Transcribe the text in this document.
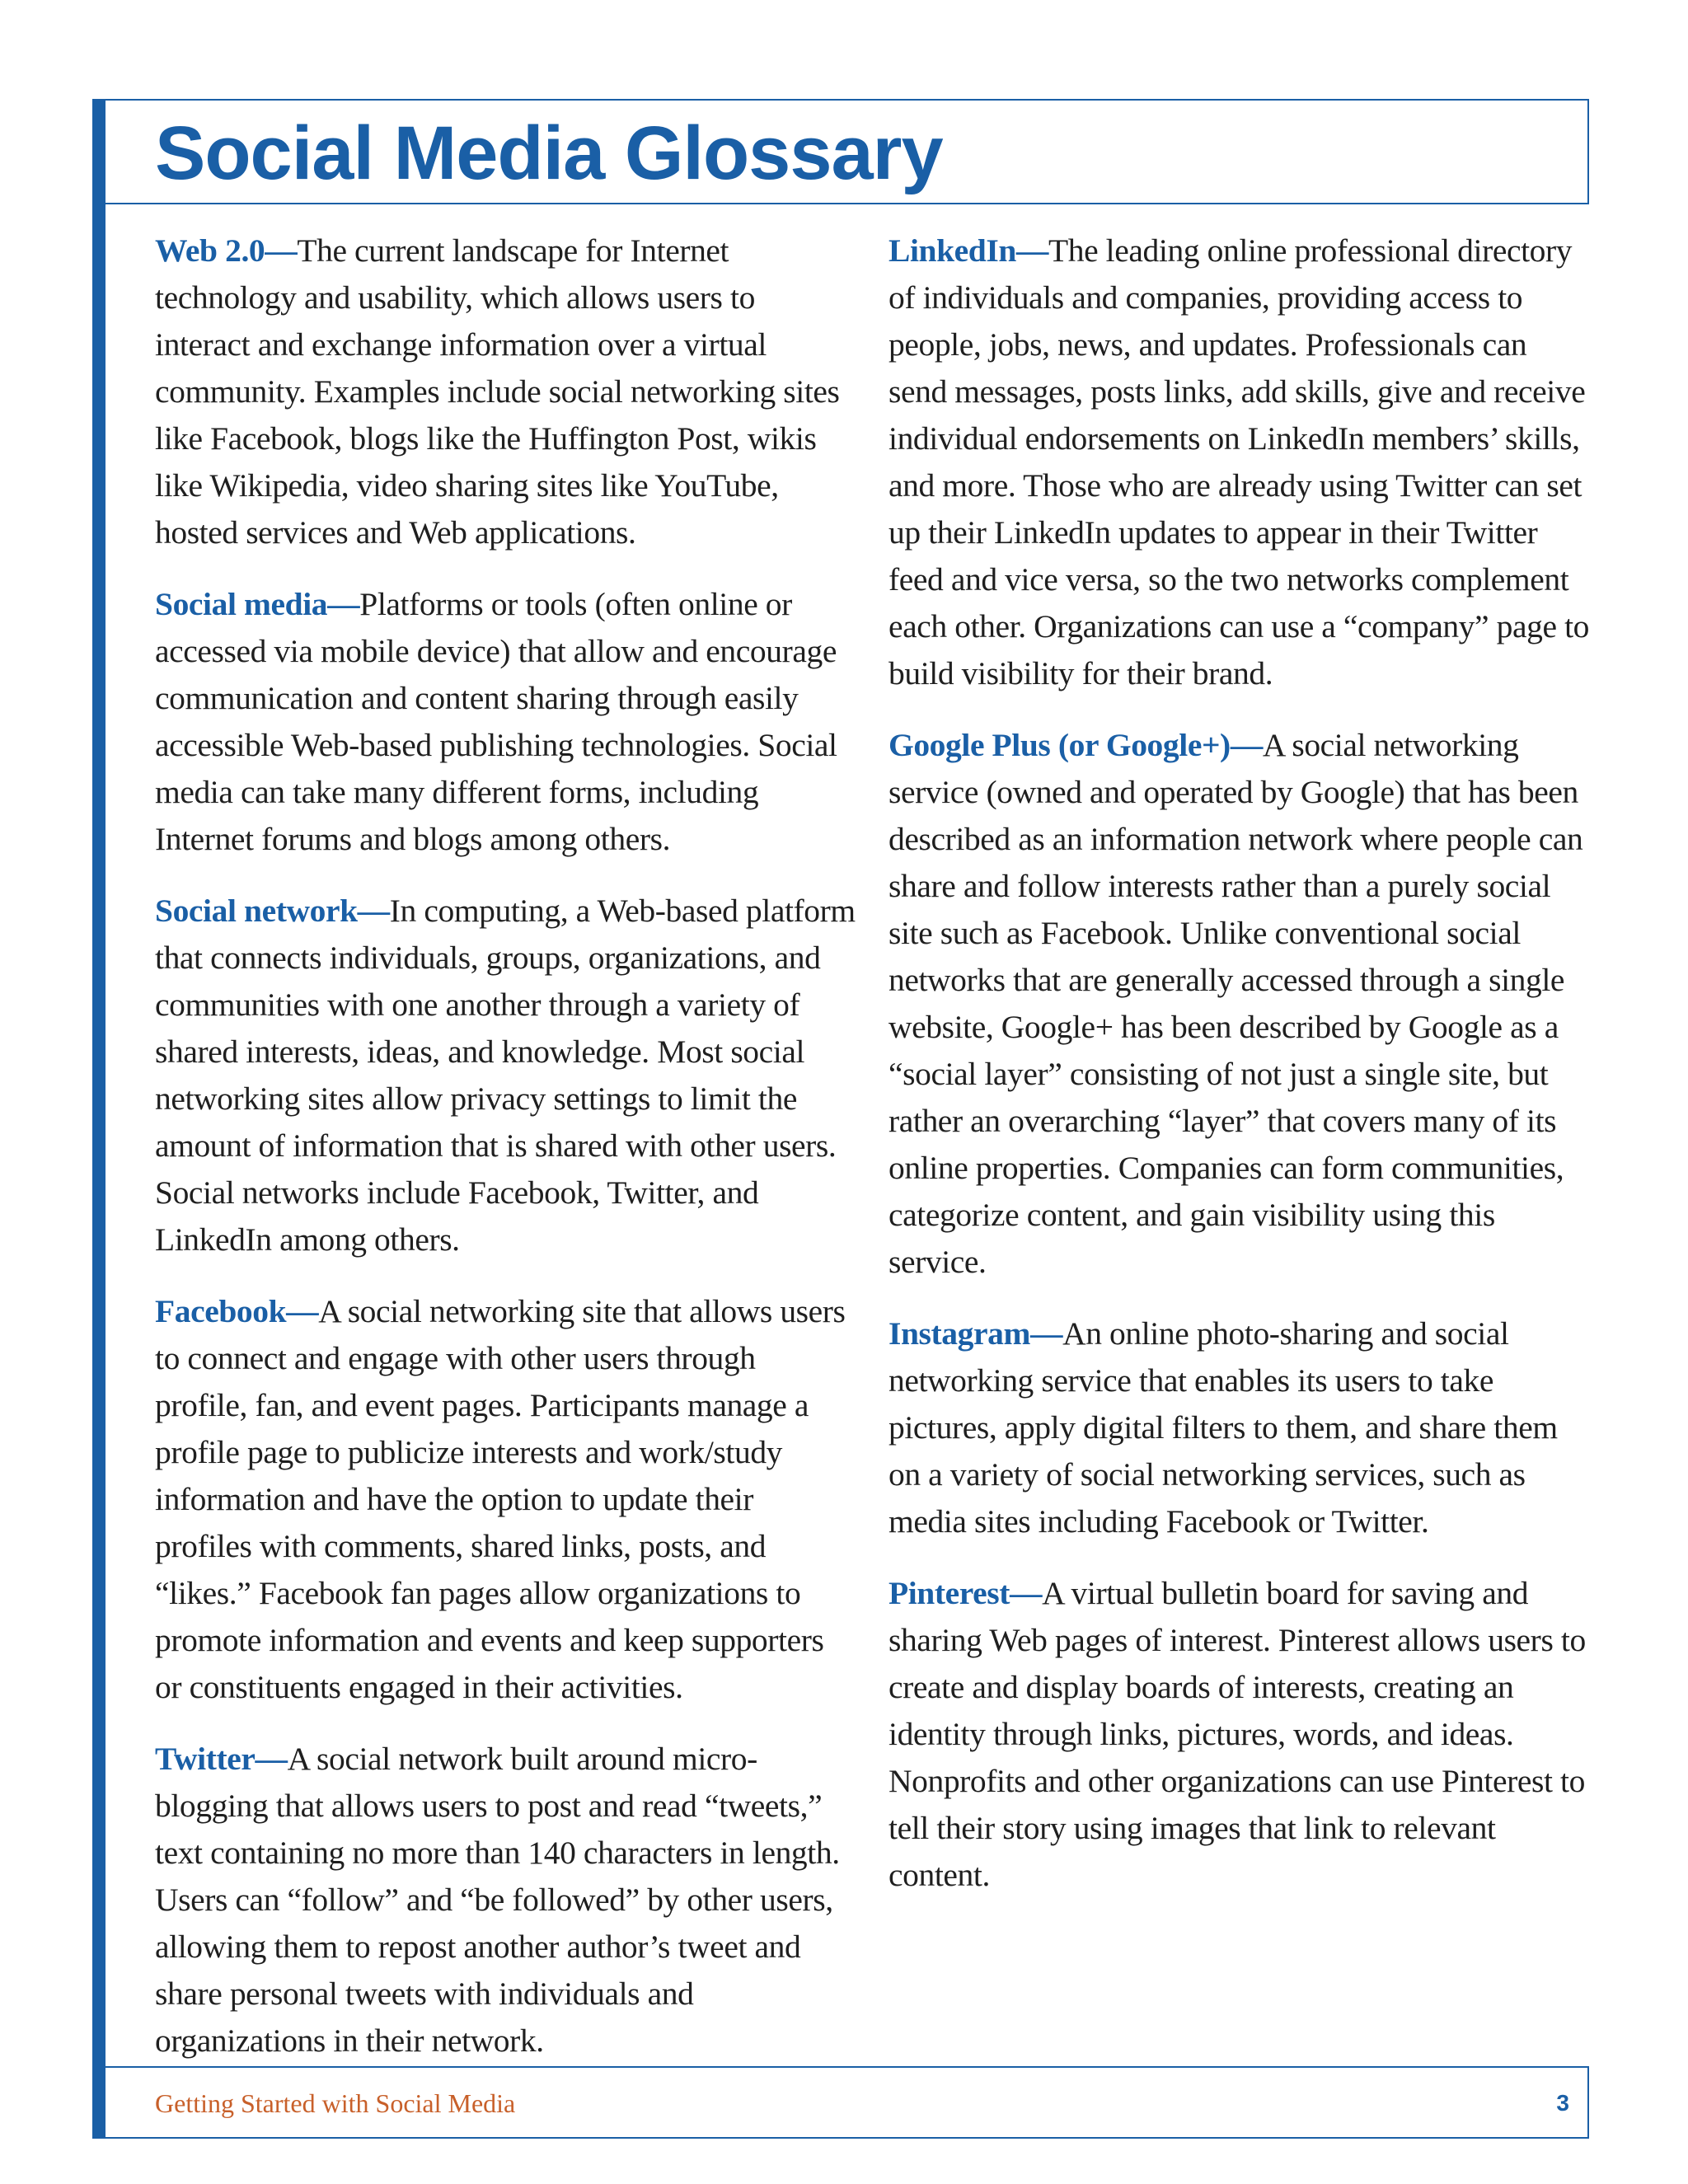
Social Media Glossary

Web 2.0—The current landscape for Internet technology and usability, which allows users to interact and exchange information over a virtual community. Examples include social networking sites like Facebook, blogs like the Huffington Post, wikis like Wikipedia, video sharing sites like YouTube, hosted services and Web applications.

Social media—Platforms or tools (often online or accessed via mobile device) that allow and encourage communication and content sharing through easily accessible Web-based publishing technologies. Social media can take many different forms, including Internet forums and blogs among others.

Social network—In computing, a Web-based platform that connects individuals, groups, organizations, and communities with one another through a variety of shared interests, ideas, and knowledge. Most social networking sites allow privacy settings to limit the amount of information that is shared with other users. Social networks include Facebook, Twitter, and LinkedIn among others.

Facebook—A social networking site that allows users to connect and engage with other users through profile, fan, and event pages. Participants manage a profile page to publicize interests and work/study information and have the option to update their profiles with comments, shared links, posts, and “likes.” Facebook fan pages allow organizations to promote information and events and keep supporters or constituents engaged in their activities.

Twitter—A social network built around micro-blogging that allows users to post and read “tweets,” text containing no more than 140 characters in length. Users can “follow” and “be followed” by other users, allowing them to repost another author’s tweet and share personal tweets with individuals and organizations in their network.

LinkedIn—The leading online professional directory of individuals and companies, providing access to people, jobs, news, and updates. Professionals can send messages, posts links, add skills, give and receive individual endorsements on LinkedIn members’ skills, and more. Those who are already using Twitter can set up their LinkedIn updates to appear in their Twitter feed and vice versa, so the two networks complement each other. Organizations can use a “company” page to build visibility for their brand.

Google Plus (or Google+)—A social networking service (owned and operated by Google) that has been described as an information network where people can share and follow interests rather than a purely social site such as Facebook. Unlike conventional social networks that are generally accessed through a single website, Google+ has been described by Google as a “social layer” consisting of not just a single site, but rather an overarching “layer” that covers many of its online properties. Companies can form communities, categorize content, and gain visibility using this service.

Instagram—An online photo-sharing and social networking service that enables its users to take pictures, apply digital filters to them, and share them on a variety of social networking services, such as media sites including Facebook or Twitter.

Pinterest—A virtual bulletin board for saving and sharing Web pages of interest. Pinterest allows users to create and display boards of interests, creating an identity through links, pictures, words, and ideas. Nonprofits and other organizations can use Pinterest to tell their story using images that link to relevant content.

Getting Started with Social Media	3
